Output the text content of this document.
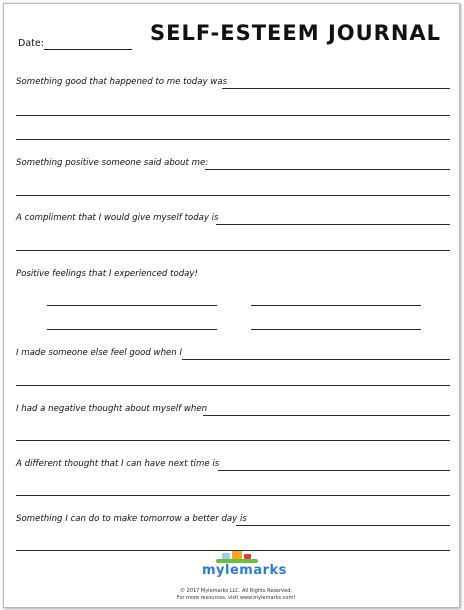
Date:	SELF-ESTEEM JOURNAL
Something good that happened to me today was
Something positive someone said about me:
A compliment that I would give myself today is
Positive feelings that I experienced today!
I made someone else feel good when I
I had a negative thought about myself when
A different thought that I can have next time is
Something I can do to make tomorrow a better day is
mylemarks
© 2017 Mylemarks LLC. All Rights Reserved.
For more resources, visit www.mylemarks.com!
